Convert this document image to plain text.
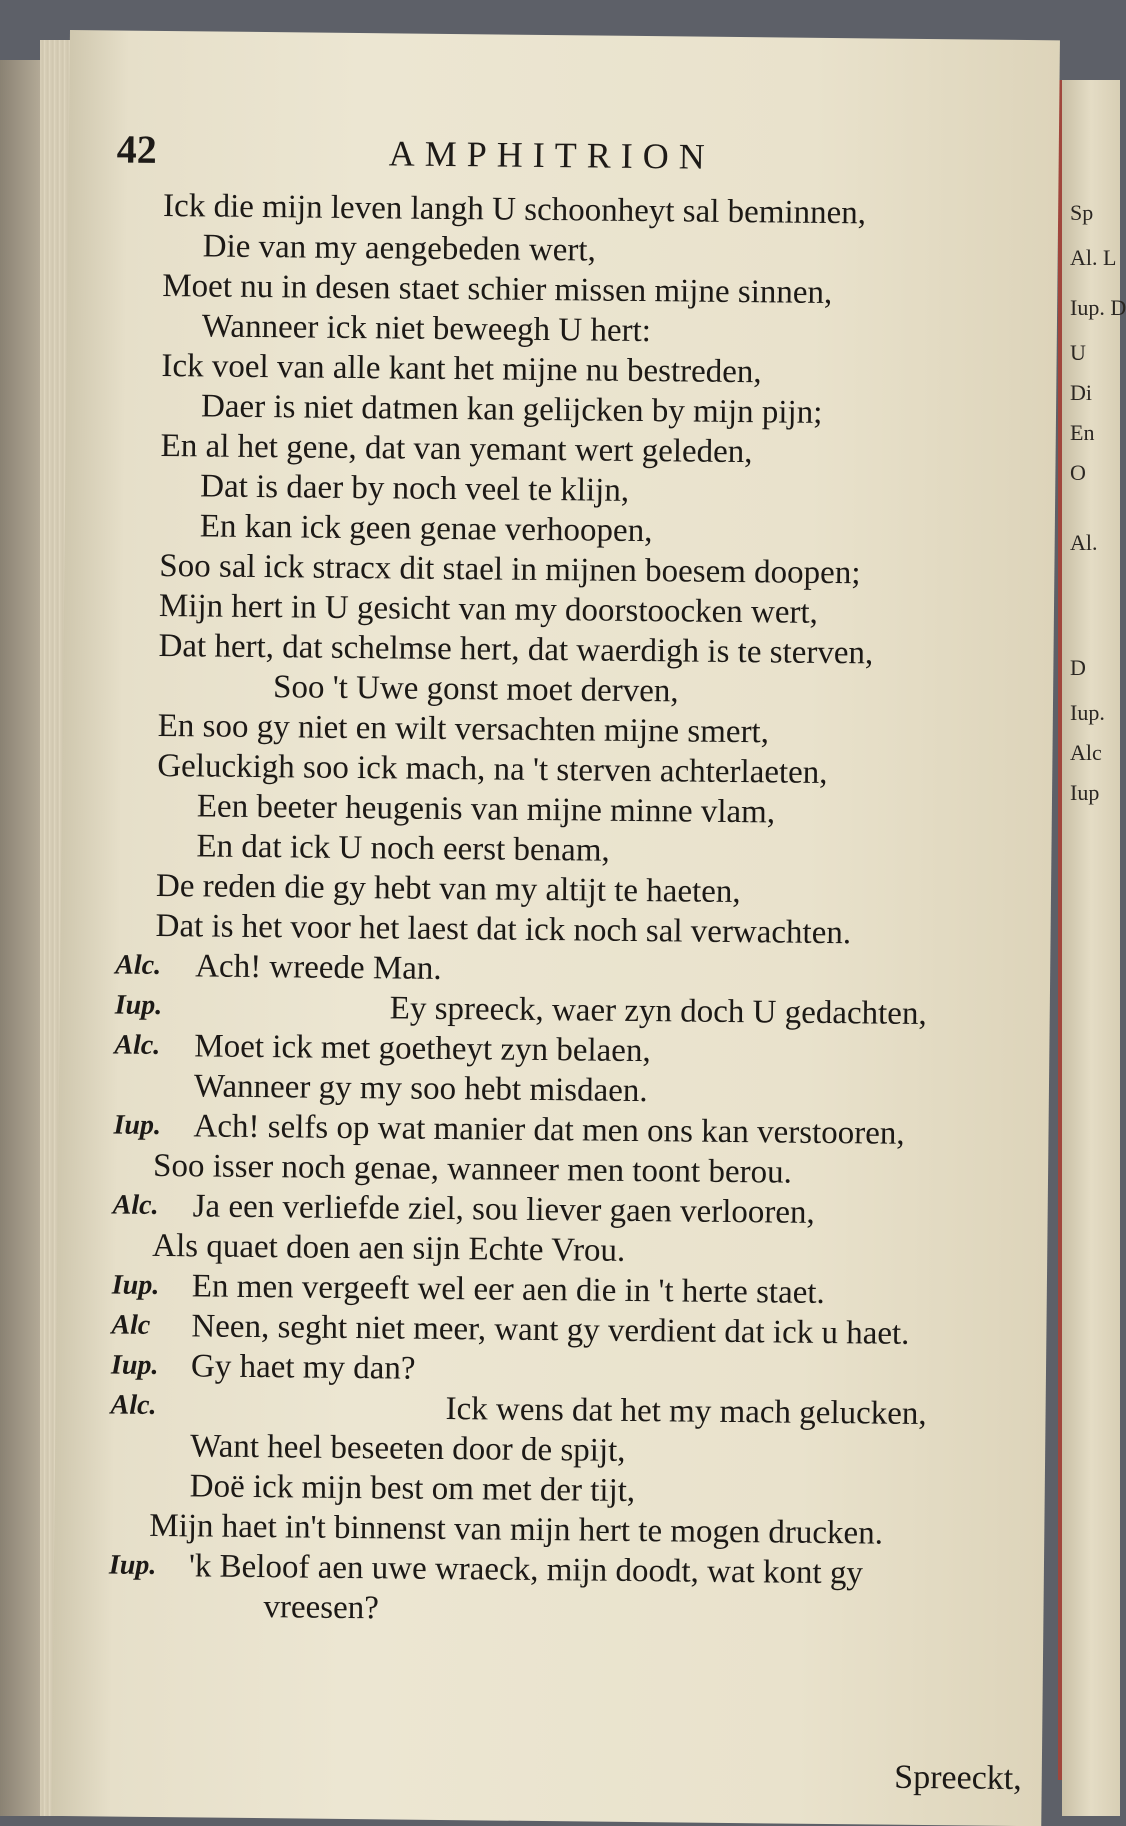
Sp
Al. L
Iup. D
U
Di
En
O
Al.
D
Iup.
Alc
Iup
42	AMPHITRION
Ick die mijn leven langh U schoonheyt sal beminnen,
Die van my aengebeden wert,
Moet nu in desen staet schier missen mijne sinnen,
Wanneer ick niet beweegh U hert:
Ick voel van alle kant het mijne nu bestreden,
Daer is niet datmen kan gelijcken by mijn pijn;
En al het gene, dat van yemant wert geleden,
Dat is daer by noch veel te klijn,
En kan ick geen genae verhoopen,
Soo sal ick stracx dit stael in mijnen boesem doopen;
Mijn hert in U gesicht van my doorstoocken wert,
Dat hert, dat schelmse hert, dat waerdigh is te sterven,
Soo 't Uwe gonst moet derven,
En soo gy niet en wilt versachten mijne smert,
Geluckigh soo ick mach, na 't sterven achterlaeten,
Een beeter heugenis van mijne minne vlam,
En dat ick U noch eerst benam,
De reden die gy hebt van my altijt te haeten,
Dat is het voor het laest dat ick noch sal verwachten.
Alc. Ach! wreede Man.
Iup.	Ey spreeck, waer zyn doch U gedachten,
Alc. Moet ick met goetheyt zyn belaen,
Wanneer gy my soo hebt misdaen.
Iup. Ach! selfs op wat manier dat men ons kan verstooren,
Soo isser noch genae, wanneer men toont berou.
Alc. Ja een verliefde ziel, sou liever gaen verlooren,
Als quaet doen aen sijn Echte Vrou.
Iup. En men vergeeft wel eer aen die in 't herte staet.
Alc Neen, seght niet meer, want gy verdient dat ick u haet.
Iup. Gy haet my dan?
Alc.	Ick wens dat het my mach gelucken,
Want heel beseeten door de spijt,
Doë ick mijn best om met der tijt,
Mijn haet in't binnenst van mijn hert te mogen drucken.
Iup. 'k Beloof aen uwe wraeck, mijn doodt, wat kont gy
vreesen?
Spreeckt,
